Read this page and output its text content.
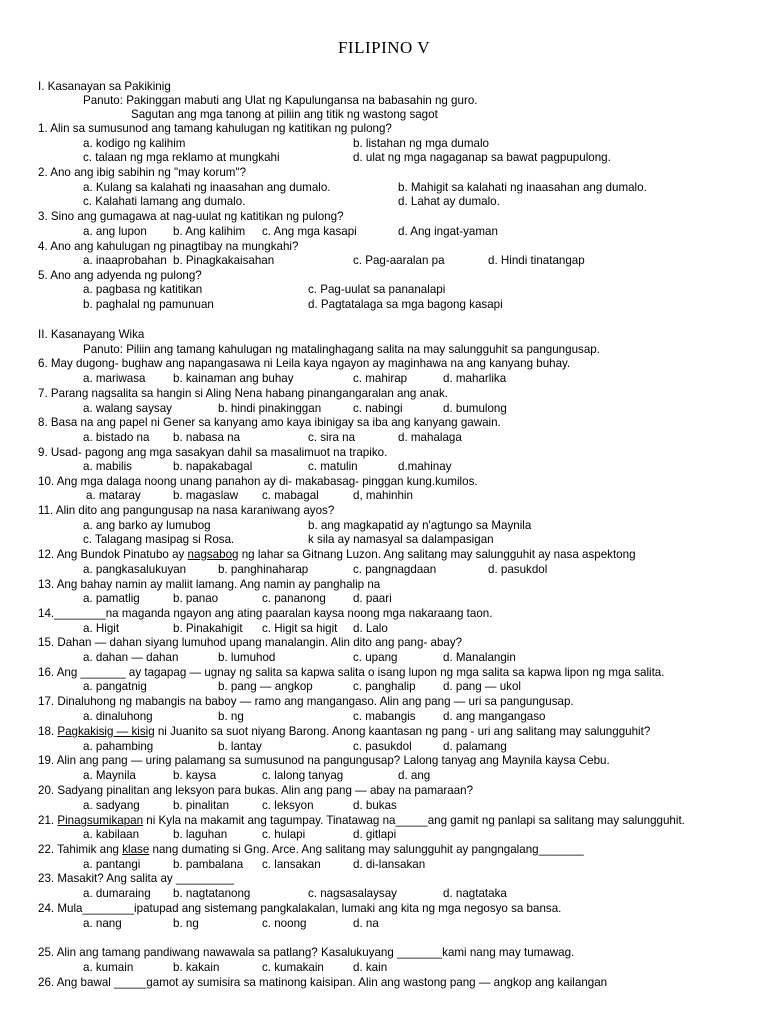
FILIPINO V
I. Kasanayan sa Pakikinig
Panuto: Pakinggan mabuti ang Ulat ng Kapulungansa na babasahin ng guro.
Sagutan ang mga tanong at piliin ang titik ng wastong sagot
1. Alin sa sumusunod ang tamang kahulugan ng katitikan ng pulong?
a. kodigo ng kalihim	b. listahan ng mga dumalo
c. talaan ng mga reklamo at mungkahi	d. ulat ng mga nagaganap sa bawat pagpupulong.
2. Ano ang ibig sabihin ng "may korum"?
a. Kulang sa kalahati ng inaasahan ang dumalo.	b. Mahigit sa kalahati ng inaasahan ang dumalo.
c. Kalahati lamang ang dumalo.	d. Lahat ay dumalo.
3. Sino ang gumagawa at nag-uulat ng katitikan ng pulong?
a. ang lupon b. Ang kalihim c. Ang mga kasapi	d. Ang ingat-yaman
4. Ano ang kahulugan ng pinagtibay na mungkahi?
a. inaaprobahan b. Pinagkakaisahan	c. Pag-aaralan pa	d. Hindi tinatangap
5. Ano ang adyenda ng pulong?
a. pagbasa ng katitikan	c. Pag-uulat sa pananalapi
b. paghalal ng pamunuan	d. Pagtatalaga sa mga bagong kasapi
II. Kasanayang Wika
Panuto: Piliin ang tamang kahulugan ng matalinghagang salita na may salungguhit sa pangungusap.
6. May dugong- bughaw ang napangasawa ni Leila kaya ngayon ay maginhawa na ang kanyang buhay.
a. mariwasa b. kainaman ang buhay	c. mahirap	d. maharlika
7. Parang nagsalita sa hangin si Aling Nena habang pinangangaralan ang anak.
a. walang saysay	b. hindi pinakinggan	c. nabingi	d. bumulong
8. Basa na ang papel ni Gener sa kanyang amo kaya ibinigay sa iba ang kanyang gawain.
a. bistado na b. nabasa na	c. sira na	d. mahalaga
9. Usad- pagong ang mga sasakyan dahil sa masalimuot na trapiko.
a. mabilis	b. napakabagal	c. matulin	d.mahinay
10. Ang mga dalaga noong unang panahon ay di- makabasag- pinggan kung.kumilos.
a. mataray	b. magaslaw c. mabagal	d, mahinhin
11. Alin dito ang pangungusap na nasa karaniwang ayos?
a. ang barko ay lumubog	b. ang magkapatid ay n'agtungo sa Maynila
c. Talagang masipag si Rosa.	k sila ay namasyal sa dalampasigan
12. Ang Bundok Pinatubo ay nagsabog ng lahar sa Gitnang Luzon. Ang salitang may salungguhit ay nasa aspektong
a. pangkasalukuyan	b. panghinaharap	c. pangnagdaan	d. pasukdol
13. Ang bahay namin ay maliit lamang. Ang namin ay panghalip na
a. pamatlig	b. panao	c. pananong d. paari
14.________na maganda ngayon ang ating paaralan kaysa noong mga nakaraang taon.
a. Higit	b. Pinakahigit c. Higit sa higit d. Lalo
15. Dahan — dahan siyang lumuhod upang manalangin. Alin dito ang pang- abay?
a. dahan — dahan	b. lumuhod	c. upang	d. Manalangin
16. Ang _______ ay tagapag — ugnay ng salita sa kapwa salita o isang lupon ng mga salita sa kapwa lipon ng mga salita.
a. pangatnig	b. pang — angkop	c. panghalip d. pang — ukol
17. Dinaluhong ng mabangis na baboy — ramo ang mangangaso. Alin ang pang — uri sa pangungusap.
a. dinaluhong	b. ng	c. mabangis d. ang mangangaso
18. Pagkakisig — kisig ni Juanito sa suot niyang Barong. Anong kaantasan ng pang - uri ang salitang may salungguhit?
a. pahambing	b. lantay	c. pasukdol	d. palamang
19. Alin ang pang — uring palamang sa sumusunod na pangungusap? Lalong tanyag ang Maynila kaysa Cebu.
a. Maynila	b. kaysa	c. lalong tanyag	d. ang
20. Sadyang pinalitan ang leksyon para bukas. Alin ang pang — abay na pamaraan?
a. sadyang	b. pinalitan	c. leksyon	d. bukas
21. Pinagsumikapan ni Kyla na makamit ang tagumpay. Tinatawag na_____ang gamit ng panlapi sa salitang may salungguhit.
a. kabilaan	b. laguhan	c. hulapi	d. gitlapi
22. Tahimik ang klase nang dumating si Gng. Arce. Ang salitang may salungguhit ay pangngalang_______
a. pantangi	b. pambalana c. lansakan	d. di-lansakan
23. Masakit? Ang salita ay _________
a. dumaraing b. nagtatanong	c. nagsasalaysay	d. nagtataka
24. Mula________ipatupad ang sistemang pangkalakalan, lumaki ang kita ng mga negosyo sa bansa.
a. nang	b. ng	c. noong	d. na
25. Alin ang tamang pandiwang nawawala sa patlang? Kasalukuyang _______kami nang may tumawag.
a. kumain	b. kakain	c. kumakain	d. kain
26. Ang bawal _____gamot ay sumisira sa matinong kaisipan. Alin ang wastong pang — angkop ang kailangan
